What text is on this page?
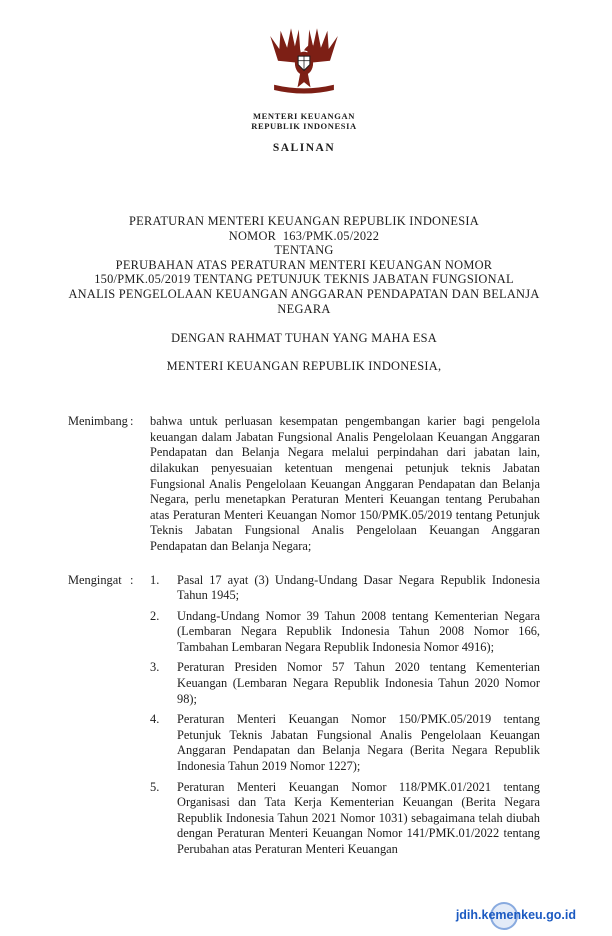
MENTERI KEUANGAN
REPUBLIK INDONESIA
SALINAN
PERATURAN MENTERI KEUANGAN REPUBLIK INDONESIA
NOMOR  163/PMK.05/2022
TENTANG
PERUBAHAN ATAS PERATURAN MENTERI KEUANGAN NOMOR
150/PMK.05/2019 TENTANG PETUNJUK TEKNIS JABATAN FUNGSIONAL
ANALIS PENGELOLAAN KEUANGAN ANGGARAN PENDAPATAN DAN BELANJA
NEGARA
DENGAN RAHMAT TUHAN YANG MAHA ESA
MENTERI KEUANGAN REPUBLIK INDONESIA,
Menimbang :	bahwa untuk perluasan kesempatan pengembangan karier bagi pengelola keuangan dalam Jabatan Fungsional Analis Pengelolaan Keuangan Anggaran Pendapatan dan Belanja Negara melalui perpindahan dari jabatan lain, dilakukan penyesuaian ketentuan mengenai petunjuk teknis Jabatan Fungsional Analis Pengelolaan Keuangan Anggaran Pendapatan dan Belanja Negara, perlu menetapkan Peraturan Menteri Keuangan tentang Perubahan atas Peraturan Menteri Keuangan Nomor 150/PMK.05/2019 tentang Petunjuk Teknis Jabatan Fungsional Analis Pengelolaan Keuangan Anggaran Pendapatan dan Belanja Negara;
Mengingat :	1.	Pasal 17 ayat (3) Undang-Undang Dasar Negara Republik Indonesia Tahun 1945;
2.	Undang-Undang Nomor 39 Tahun 2008 tentang Kementerian Negara (Lembaran Negara Republik Indonesia Tahun 2008 Nomor 166, Tambahan Lembaran Negara Republik Indonesia Nomor 4916);
3.	Peraturan Presiden Nomor 57 Tahun 2020 tentang Kementerian Keuangan (Lembaran Negara Republik Indonesia Tahun 2020 Nomor 98);
4.	Peraturan Menteri Keuangan Nomor 150/PMK.05/2019 tentang Petunjuk Teknis Jabatan Fungsional Analis Pengelolaan Keuangan Anggaran Pendapatan dan Belanja Negara (Berita Negara Republik Indonesia Tahun 2019 Nomor 1227);
5.	Peraturan Menteri Keuangan Nomor 118/PMK.01/2021 tentang Organisasi dan Tata Kerja Kementerian Keuangan (Berita Negara Republik Indonesia Tahun 2021 Nomor 1031) sebagaimana telah diubah dengan Peraturan Menteri Keuangan Nomor 141/PMK.01/2022 tentang Perubahan atas Peraturan Menteri Keuangan
jdih.kemenkeu.go.id
